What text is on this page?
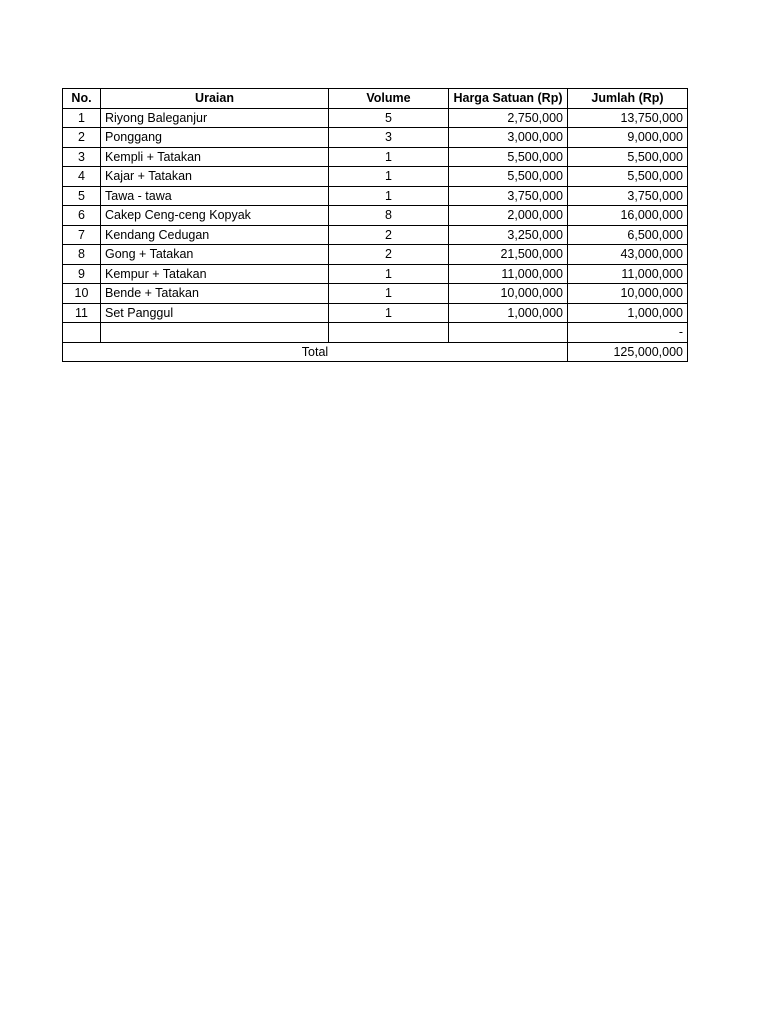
No.	Uraian	Volume	Harga Satuan (Rp)	Jumlah (Rp)
1	Riyong Baleganjur	5	2,750,000	13,750,000
2	Ponggang	3	3,000,000	9,000,000
3	Kempli + Tatakan	1	5,500,000	5,500,000
4	Kajar + Tatakan	1	5,500,000	5,500,000
5	Tawa - tawa	1	3,750,000	3,750,000
6	Cakep Ceng-ceng Kopyak	8	2,000,000	16,000,000
7	Kendang Cedugan	2	3,250,000	6,500,000
8	Gong + Tatakan	2	21,500,000	43,000,000
9	Kempur + Tatakan	1	11,000,000	11,000,000
10	Bende + Tatakan	1	10,000,000	10,000,000
11	Set Panggul	1	1,000,000	1,000,000
				-
Total				125,000,000
